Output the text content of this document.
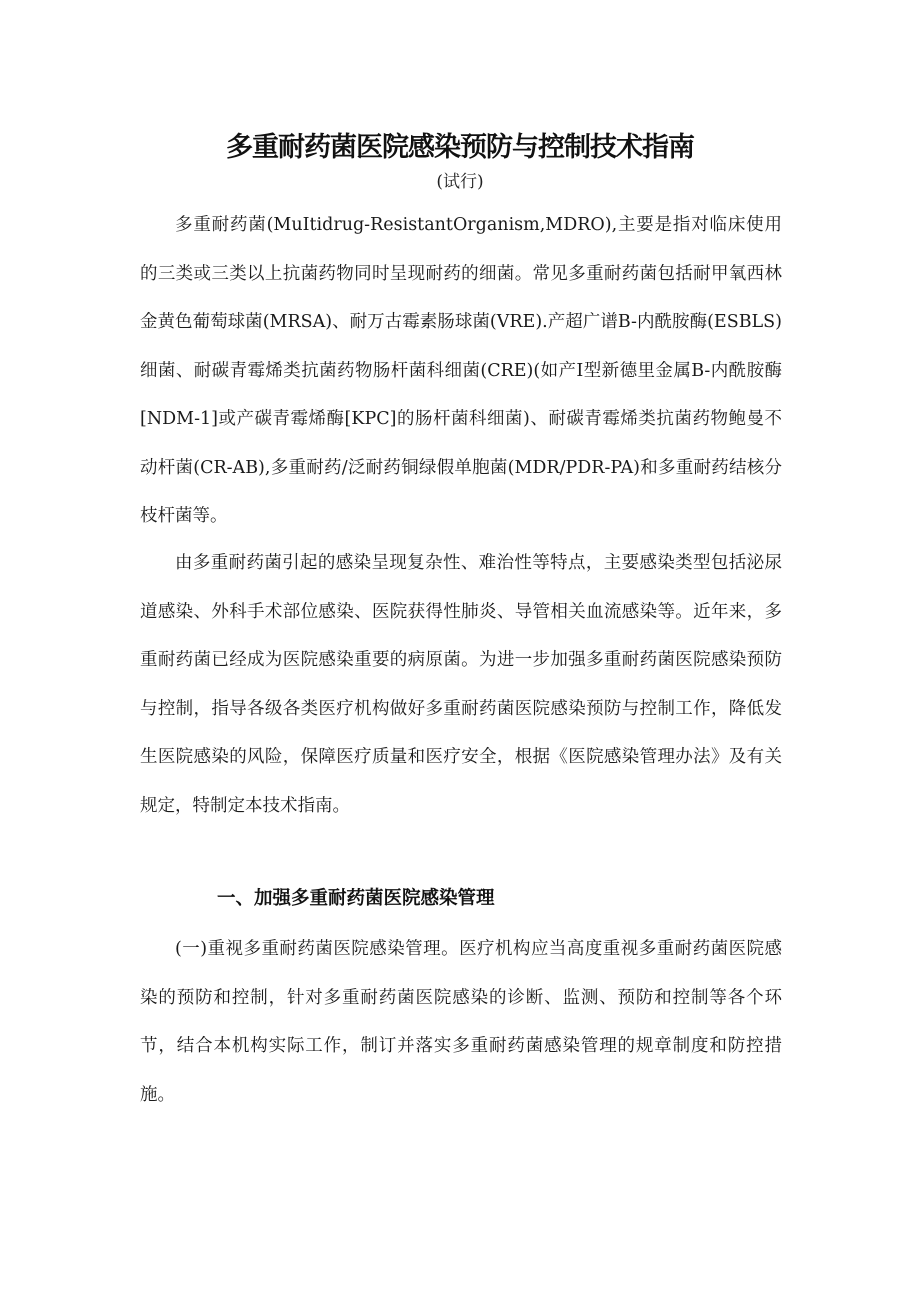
多重耐药菌医院感染预防与控制技术指南
(试行)

多重耐药菌(MuItidrug-ResistantOrganism,MDRO),主要是指对临床使用的三类或三类以上抗菌药物同时呈现耐药的细菌。常见多重耐药菌包括耐甲氧西林金黄色葡萄球菌(MRSA)、耐万古霉素肠球菌(VRE).产超广谱B-内酰胺酶(ESBLS)细菌、耐碳青霉烯类抗菌药物肠杆菌科细菌(CRE)(如产Ⅰ型新德里金属B-内酰胺酶[NDM-1]或产碳青霉烯酶[KPC]的肠杆菌科细菌)、耐碳青霉烯类抗菌药物鲍曼不动杆菌(CR-AB),多重耐药/泛耐药铜绿假单胞菌(MDR/PDR-PA)和多重耐药结核分枝杆菌等。

由多重耐药菌引起的感染呈现复杂性、难治性等特点，主要感染类型包括泌尿道感染、外科手术部位感染、医院获得性肺炎、导管相关血流感染等。近年来，多重耐药菌已经成为医院感染重要的病原菌。为进一步加强多重耐药菌医院感染预防与控制，指导各级各类医疗机构做好多重耐药菌医院感染预防与控制工作，降低发生医院感染的风险，保障医疗质量和医疗安全，根据《医院感染管理办法》及有关规定，特制定本技术指南。

一、加强多重耐药菌医院感染管理

(一)重视多重耐药菌医院感染管理。医疗机构应当高度重视多重耐药菌医院感染的预防和控制，针对多重耐药菌医院感染的诊断、监测、预防和控制等各个环节，结合本机构实际工作，制订并落实多重耐药菌感染管理的规章制度和防控措施。
